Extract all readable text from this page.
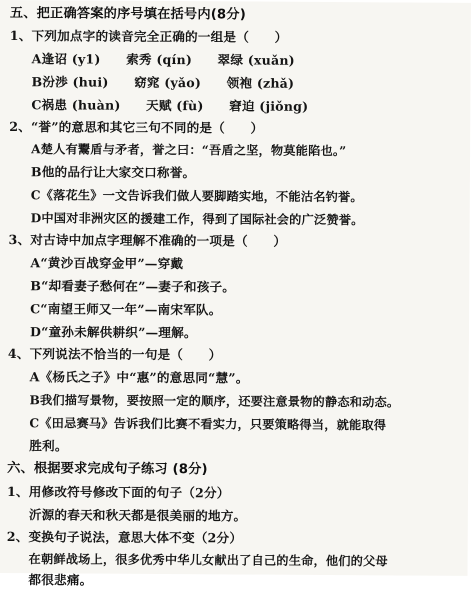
五、把正确答案的序号填在括号内(8分)
1、下列加点字的读音完全正确的一组是（　　）
A逢诏 (y1)　　索秀 (qín)　　翠绿 (xuǎn)
B汾渉 (hui)　　窈窕 (yǎo)　　领袍 (zhǎ)
C祸患 (huàn)　　天赋 (fù)　　窘迫 (jiǒng)
2、“誉”的意思和其它三句不同的是（　　）
A楚人有鬻盾与矛者，誉之曰：“吾盾之坚，物莫能陷也。”
B他的品行让大家交口称誉。
C《落花生》一文告诉我们做人要脚踏实地，不能沽名钓誉。
D中国对非洲灾区的援建工作，得到了国际社会的广泛赞誉。
3、对古诗中加点字理解不准确的一项是（　　）
A“黄沙百战穿金甲”—穿戴
B“却看妻子愁何在”—妻子和孩子。
C“南望王师又一年”—南宋军队。
D“童孙未解供耕织”—理解。
4、下列说法不恰当的一句是（　　）
A《杨氏之子》中“惠”的意思同“慧”。
B我们描写景物，要按照一定的顺序，还要注意景物的静态和动态。
C《田忌赛马》告诉我们比赛不看实力，只要策略得当，就能取得
胜利。
六、根据要求完成句子练习 (8分)
1、用修改符号修改下面的句子（2分）
沂源的春天和秋天都是很美丽的地方。
2、变换句子说法，意思大体不变（2分）
在朝鲜战场上，很多优秀中华儿女献出了自己的生命，他们的父母
都很悲痛。
